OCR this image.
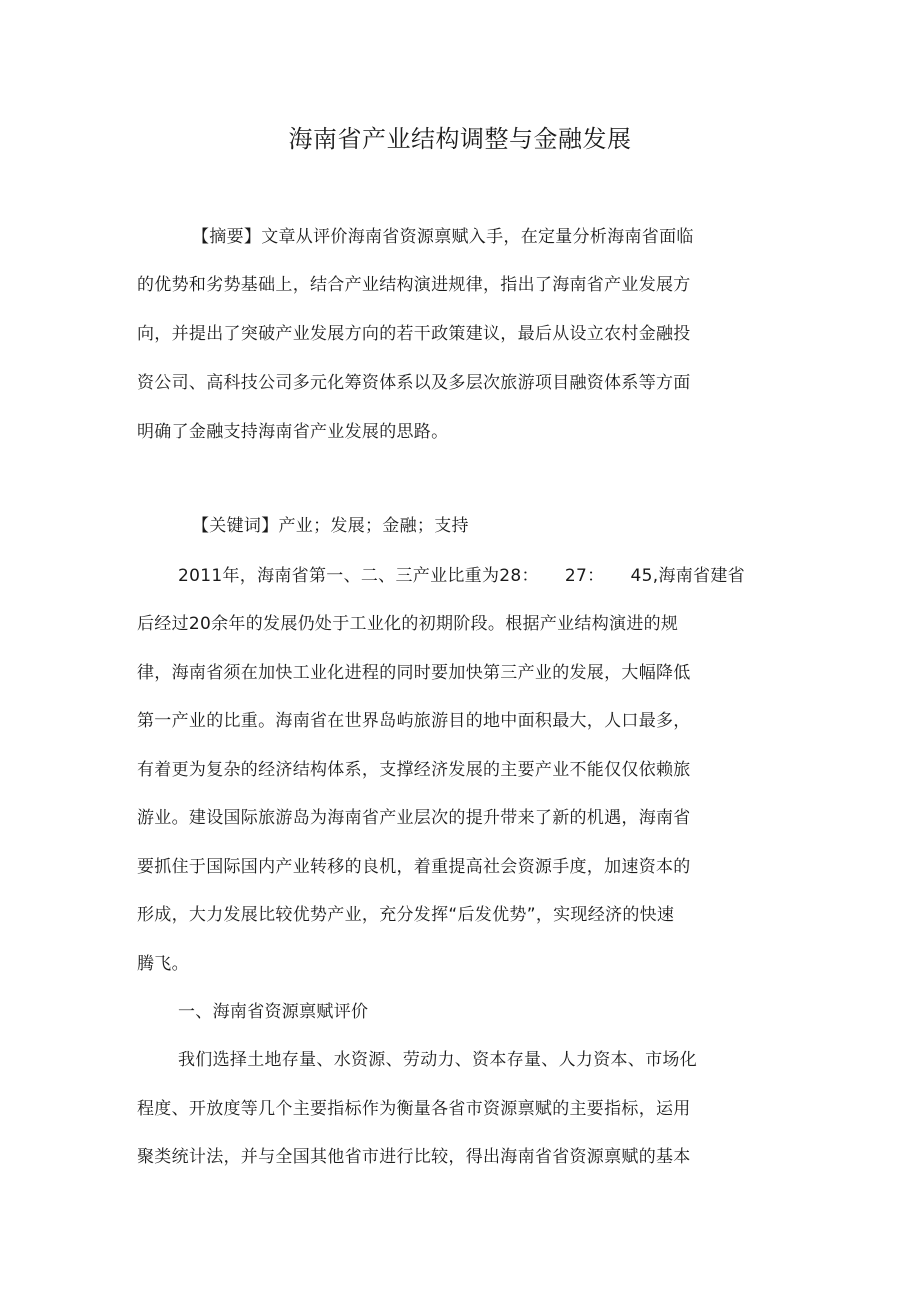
海南省产业结构调整与金融发展
【摘要】文章从评价海南省资源禀赋入手，在定量分析海南省面临
的优势和劣势基础上，结合产业结构演进规律，指出了海南省产业发展方
向，并提出了突破产业发展方向的若干政策建议，最后从设立农村金融投
资公司、高科技公司多元化筹资体系以及多层次旅游项目融资体系等方面
明确了金融支持海南省产业发展的思路。
【关键词】产业；发展；金融；支持
2011年，海南省第一、二、三产业比重为28：　　27：　　45,海南省建省
后经过20余年的发展仍处于工业化的初期阶段。根据产业结构演进的规
律，海南省须在加快工业化进程的同时要加快第三产业的发展，大幅降低
第一产业的比重。海南省在世界岛屿旅游目的地中面积最大，人口最多，
有着更为复杂的经济结构体系，支撑经济发展的主要产业不能仅仅依赖旅
游业。建设国际旅游岛为海南省产业层次的提升带来了新的机遇，海南省
要抓住于国际国内产业转移的良机，着重提高社会资源手度，加速资本的
形成，大力发展比较优势产业，充分发挥“后发优势”，实现经济的快速
腾飞。
一、海南省资源禀赋评价
我们选择土地存量、水资源、劳动力、资本存量、人力资本、市场化
程度、开放度等几个主要指标作为衡量各省市资源禀赋的主要指标，运用
聚类统计法，并与全国其他省市进行比较，得出海南省省资源禀赋的基本
